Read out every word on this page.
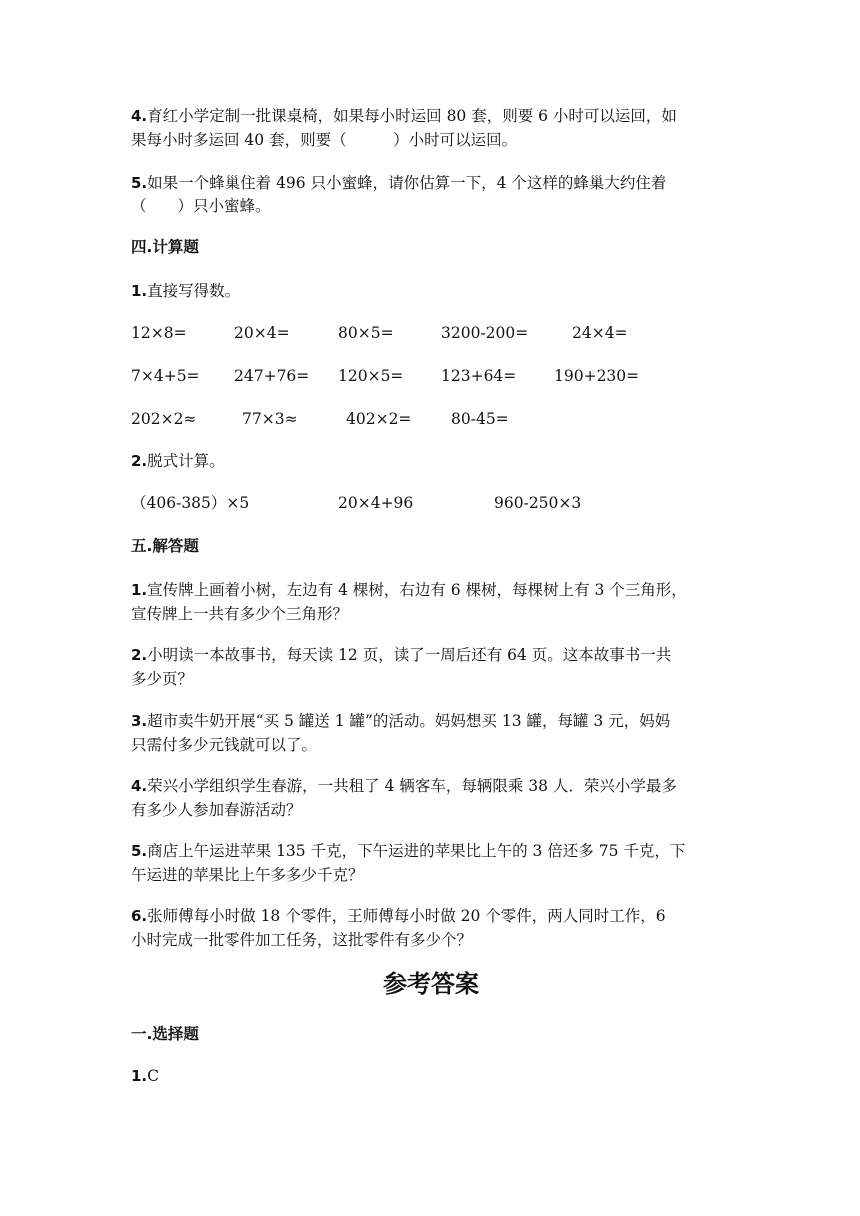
4.育红小学定制一批课桌椅，如果每小时运回 80 套，则要 6 小时可以运回，如
果每小时多运回 40 套，则要（　　　）小时可以运回。
5.如果一个蜂巢住着 496 只小蜜蜂，请你估算一下，4 个这样的蜂巢大约住着
（　　）只小蜜蜂。
四.计算题
1.直接写得数。
12×8=	20×4=	80×5=	3200-200=	24×4=
7×4+5= 247+76= 120×5= 123+64= 190+230=
202×2≈	77×3≈	402×2=	80-45=
2.脱式计算。
（406-385）×5	20×4+96	960-250×3
五.解答题
1.宣传牌上画着小树，左边有 4 棵树，右边有 6 棵树，每棵树上有 3 个三角形，
宣传牌上一共有多少个三角形？
2.小明读一本故事书，每天读 12 页，读了一周后还有 64 页。这本故事书一共
多少页？
3.超市卖牛奶开展“买 5 罐送 1 罐”的活动。妈妈想买 13 罐，每罐 3 元，妈妈
只需付多少元钱就可以了。
4.荣兴小学组织学生春游，一共租了 4 辆客车，每辆限乘 38 人．荣兴小学最多
有多少人参加春游活动？
5.商店上午运进苹果 135 千克，下午运进的苹果比上午的 3 倍还多 75 千克，下
午运进的苹果比上午多多少千克？
6.张师傅每小时做 18 个零件，王师傅每小时做 20 个零件，两人同时工作，6
小时完成一批零件加工任务，这批零件有多少个？
参考答案
一.选择题
1.C
